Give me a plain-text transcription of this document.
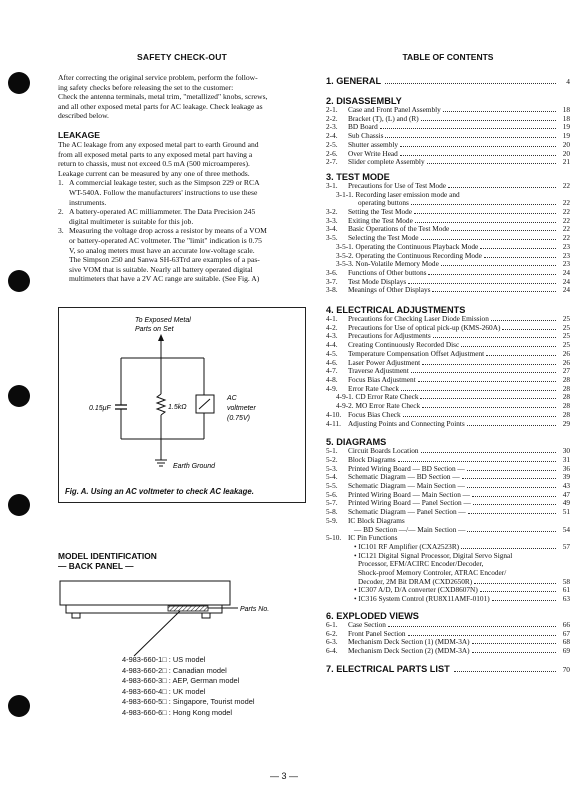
SAFETY CHECK-OUT
After correcting the original service problem, perform the follow-
ing safety checks before releasing the set to the customer:
Check the antenna terminals, metal trim, "metallized" knobs, screws,
and all other exposed metal parts for AC leakage. Check leakage as
described below.
LEAKAGE
The AC leakage from any exposed metal part to earth Ground and
from all exposed metal parts to any exposed metal part having a
return to chassis, must not exceed 0.5 mA (500 microamperes).
Leakage current can be measured by any one of three methods.
1. A commercial leakage tester, such as the Simpson 229 or RCA
WT-540A. Follow the manufacturers' instructions to use these
instruments.
2. A battery-operated AC milliammeter. The Data Precision 245
digital multimeter is suitable for this job.
3. Measuring the voltage drop across a resistor by means of a VOM
or battery-operated AC voltmeter. The "limit" indication is 0.75
V, so analog meters must have an accurate low-voltage scale.
The Simpson 250 and Sanwa SH-63Trd are examples of a pas-
sive VOM that is suitable. Nearly all battery operated digital
multimeters that have a 2V AC range are suitable. (See Fig. A)
To Exposed Metal
Parts on Set
0.15μF	1.5kΩ
AC
voltmeter
(0.75V)
Earth Ground
Fig. A. Using an AC voltmeter to check AC leakage.
MODEL IDENTIFICATION
— BACK PANEL —
Parts No.
4-983-660-1□ : US model
4-983-660-2□ : Canadian model
4-983-660-3□ : AEP, German model
4-983-660-4□ : UK model
4-983-660-5□ : Singapore, Tourist model
4-983-660-6□ : Hong Kong model
TABLE OF CONTENTS
1. GENERAL	4
2. DISASSEMBLY
2-1.	Case and Front Panel Assembly	18
2-2.	Bracket (T), (L) and (R)	18
2-3.	BD Board	19
2-4.	Sub Chassis	19
2-5.	Shutter assembly	20
2-6.	Over Write Head	20
2-7.	Slider complete Assembly	21
3. TEST MODE
3-1.	Precautions for Use of Test Mode	22
3-1-1. Recording laser emission mode and
operating buttons	22
3-2.	Setting the Test Mode	22
3-3.	Exiting the Test Mode	22
3-4.	Basic Operations of the Test Mode	22
3-5.	Selecting the Test Mode	22
3-5-1. Operating the Continuous Playback Mode	23
3-5-2. Operating the Continuous Recording Mode	23
3-5-3. Non-Volatile Memory Mode	23
3-6.	Functions of Other buttons	24
3-7.	Test Mode Displays	24
3-8.	Meanings of Other Displays	24
4. ELECTRICAL ADJUSTMENTS
4-1.	Precautions for Checking Laser Diode Emission	25
4-2.	Precautions for Use of optical pick-up (KMS-260A)	25
4-3.	Precautions for Adjustments	25
4-4.	Creating Continuously Recorded Disc	25
4-5.	Temperature Compensation Offset Adjustment	26
4-6.	Laser Power Adjustment	26
4-7.	Traverse Adjustment	27
4-8.	Focus Bias Adjustment	28
4-9.	Error Rate Check	28
4-9-1. CD Error Rate Check	28
4-9-2. MO Error Rate Check	28
4-10. Focus Bias Check	28
4-11. Adjusting Points and Connecting Points	29
5. DIAGRAMS
5-1.	Circuit Boards Location	30
5-2.	Block Diagrams	31
5-3.	Printed Wiring Board — BD Section —	36
5-4.	Schematic Diagram — BD Section —	39
5-5.	Schematic Diagram — Main Section —	43
5-6.	Printed Wiring Board — Main Section —	47
5-7.	Printed Wiring Board — Panel Section —	49
5-8.	Schematic Diagram — Panel Section —	51
5-9.	IC Block Diagrams
— BD Section —/— Main Section —	54
5-10. IC Pin Functions
• IC101 RF Amplifier (CXA2523R)	57
• IC121 Digital Signal Processor, Digital Servo Signal
Processor, EFM/ACIRC Encoder/Decoder,
Shock-proof Memory Controler, ATRAC Encoder/
Decoder, 2M Bit DRAM (CXD2650R)	58
• IC307 A/D, D/A converter (CXD8607N)	61
• IC316 System Control (RU8X11AMF-0101)	63
6. EXPLODED VIEWS
6-1.	Case Section	66
6-2.	Front Panel Section	67
6-3.	Mechanism Deck Section (1) (MDM-3A)	68
6-4.	Mechanism Deck Section (2) (MDM-3A)	69
7. ELECTRICAL PARTS LIST	70
— 3 —
